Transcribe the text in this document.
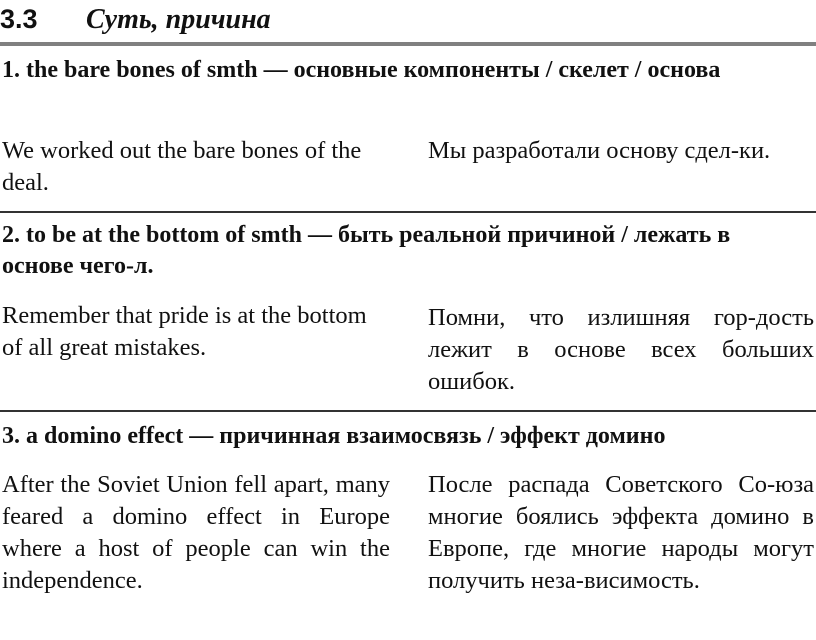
3.3 Суть, причина
1. the bare bones of smth — основные компоненты / скелет / основа
We worked out the bare bones of the deal.
Мы разработали основу сдел-ки.
2. to be at the bottom of smth — быть реальной причиной / лежать в основе чего-л.
Remember that pride is at the bottom of all great mistakes.
Помни, что излишняя гор-дость лежит в основе всех больших ошибок.
3. a domino effect — причинная взаимосвязь / эффект домино
After the Soviet Union fell apart, many feared a domino effect in Europe where a host of people can win the independence.
После распада Советского Со-юза многие боялись эффекта домино в Европе, где многие народы могут получить неза-висимость.
